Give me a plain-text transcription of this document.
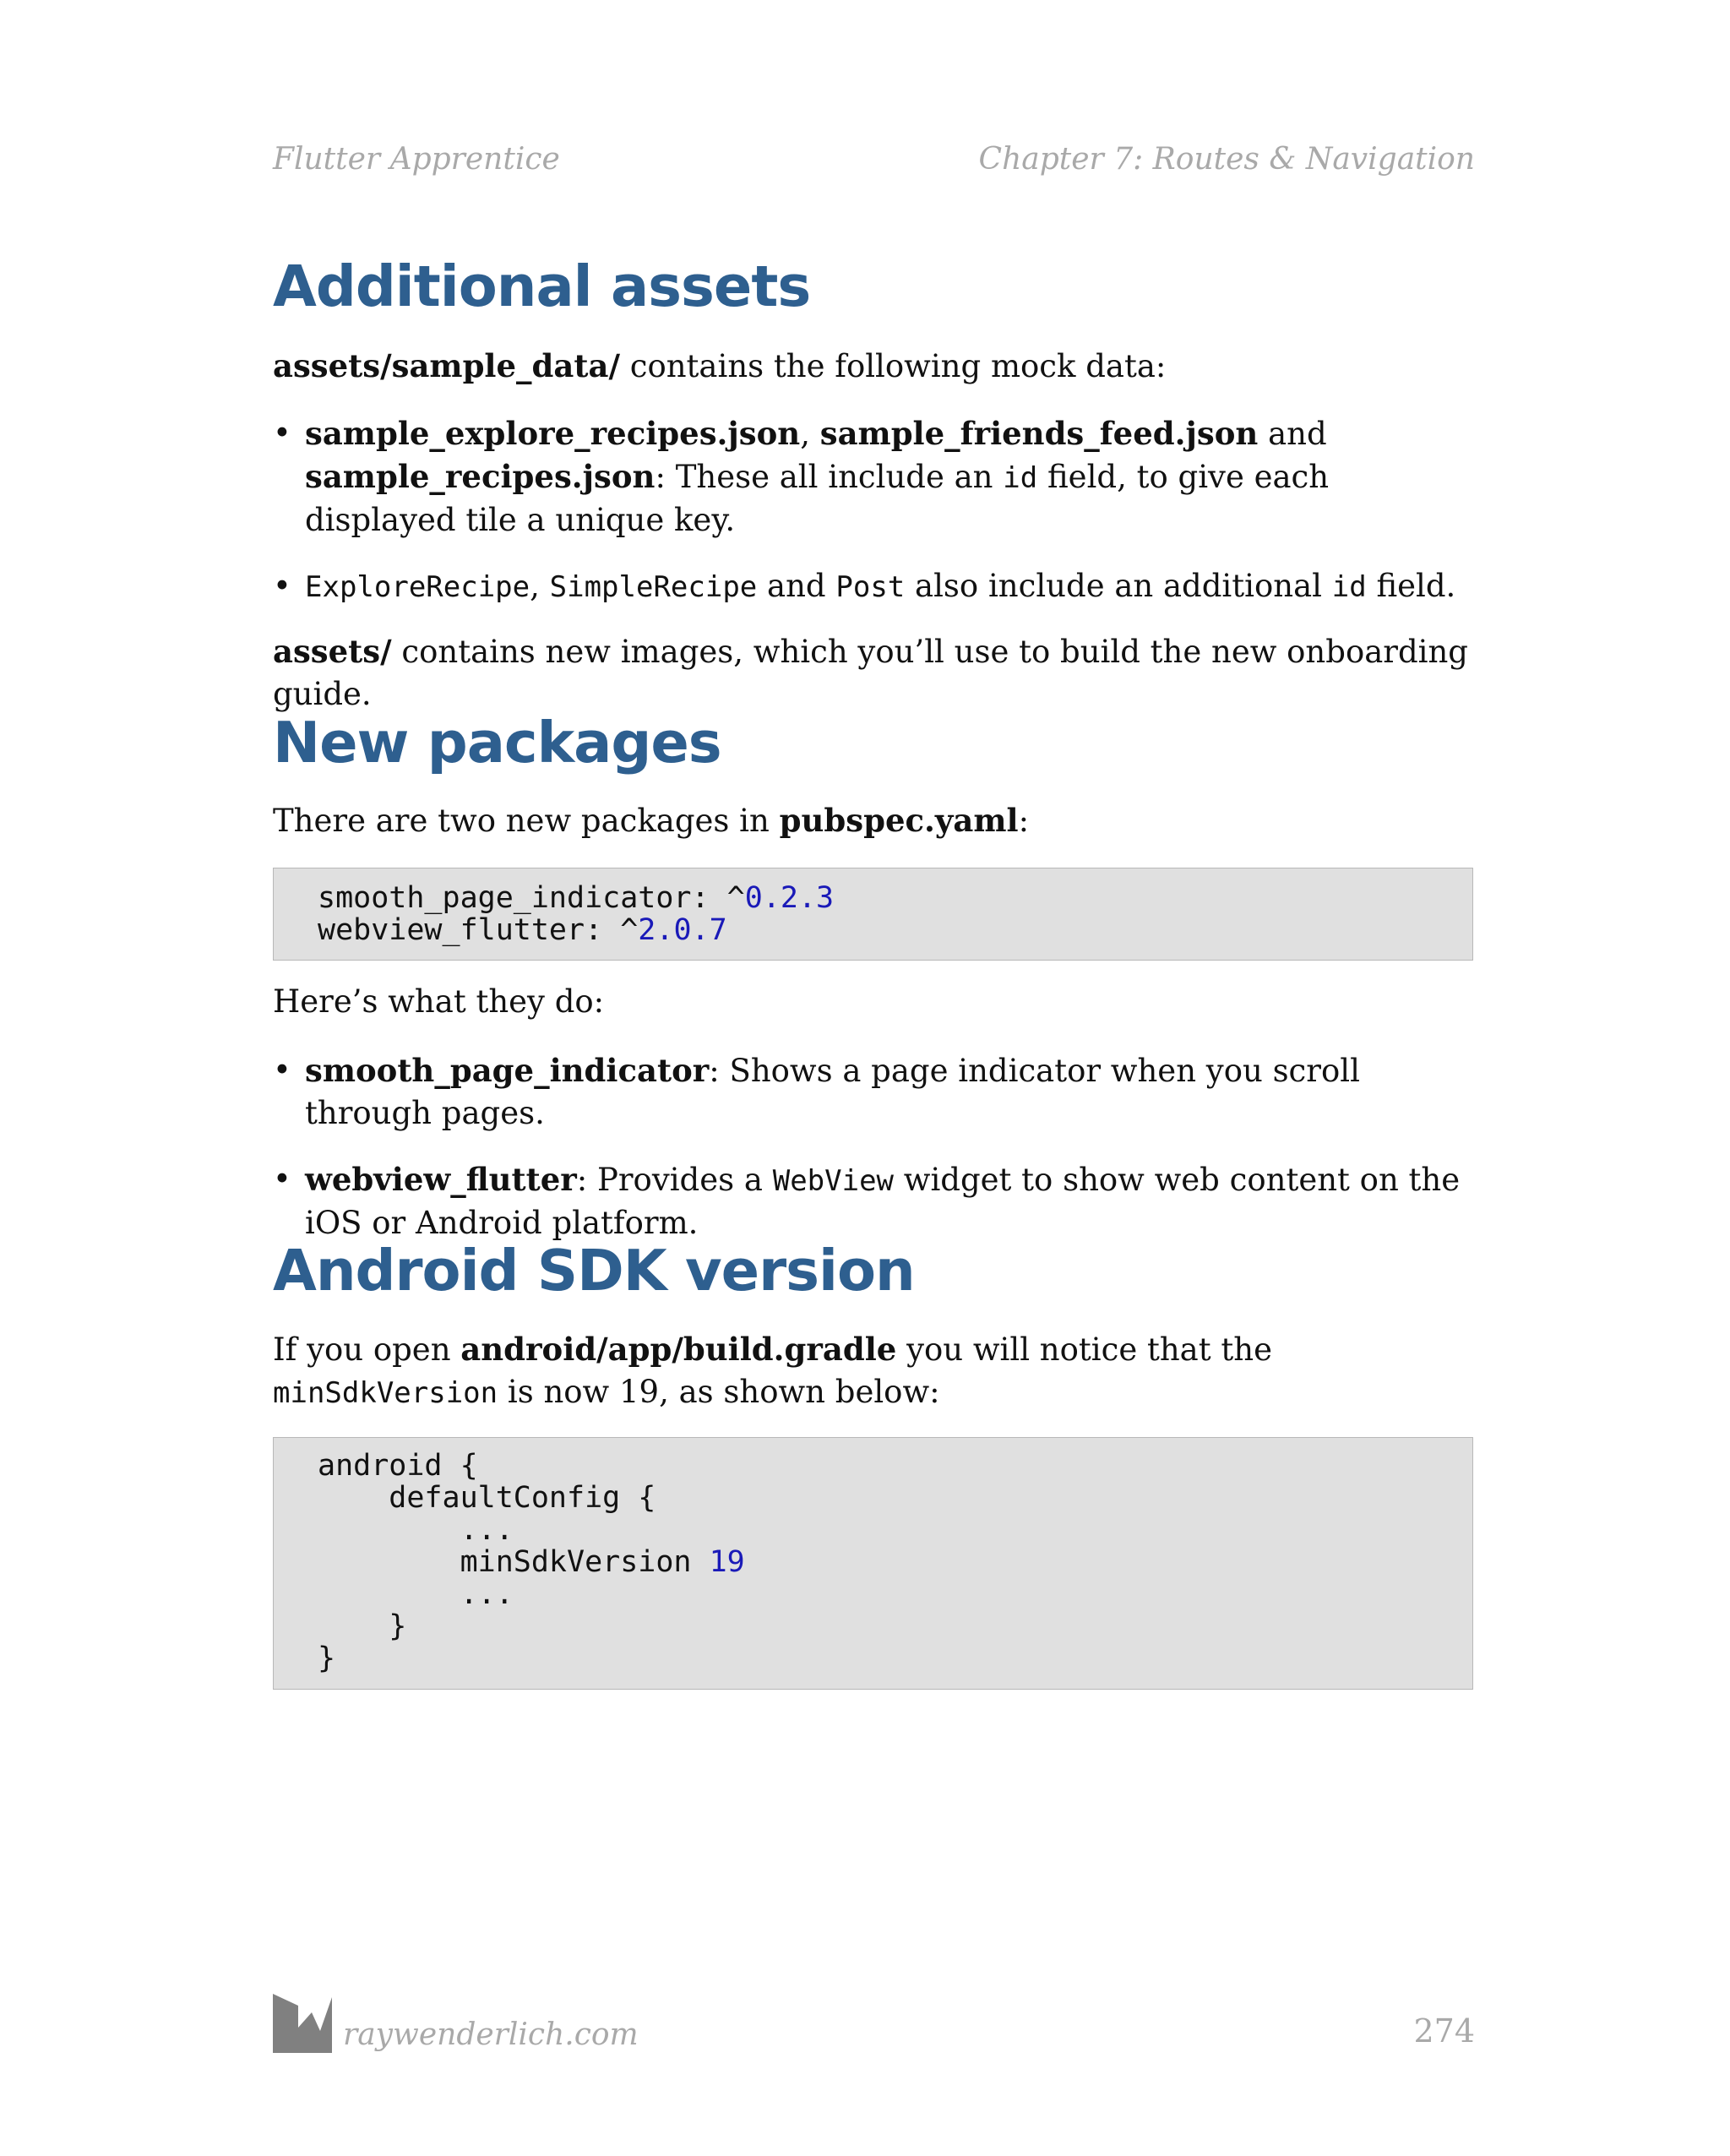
Flutter Apprentice	Chapter 7: Routes & Navigation
Additional assets

assets/sample_data/ contains the following mock data:

• sample_explore_recipes.json, sample_friends_feed.json and sample_recipes.json: These all include an id field, to give each displayed tile a unique key.
• ExploreRecipe, SimpleRecipe and Post also include an additional id field.

assets/ contains new images, which you’ll use to build the new onboarding guide.

New packages

There are two new packages in pubspec.yaml:

smooth_page_indicator: ^0.2.3
webview_flutter: ^2.0.7

Here’s what they do:

• smooth_page_indicator: Shows a page indicator when you scroll through pages.
• webview_flutter: Provides a WebView widget to show web content on the iOS or Android platform.
Android SDK version

If you open android/app/build.gradle you will notice that the minSdkVersion is now 19, as shown below:

android {
defaultConfig {
...
minSdkVersion 19
...
}
}
raywenderlich.com	274
